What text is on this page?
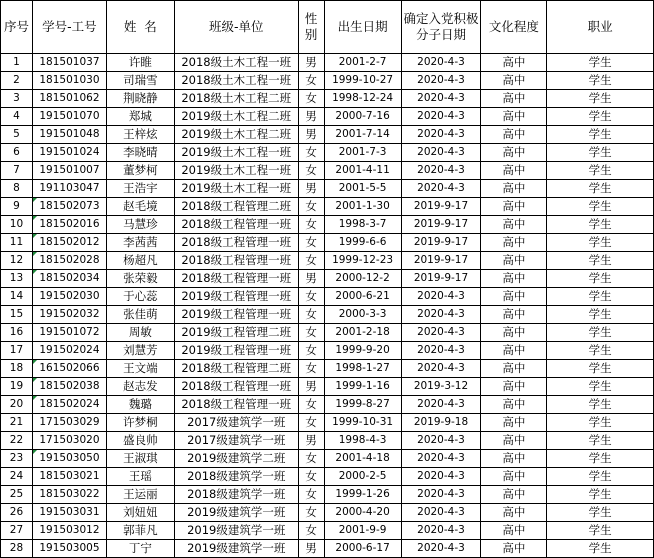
序号	学号-工号	姓  名	班级-单位	性别	出生日期	确定入党积极分子日期	文化程度	职业
1	181501037	许睢	2018级土木工程一班	男	2001-2-7	2020-4-3	高中	学生
2	181501030	司瑞雪	2018级土木工程一班	女	1999-10-27	2020-4-3	高中	学生
3	181501062	荆晓静	2018级土木工程二班	女	1998-12-24	2020-4-3	高中	学生
4	191501070	郑城	2019级土木工程二班	男	2000-7-16	2020-4-3	高中	学生
5	191501048	王梓炫	2019级土木工程二班	男	2001-7-14	2020-4-3	高中	学生
6	191501024	李晓晴	2019级土木工程一班	女	2001-7-3	2020-4-3	高中	学生
7	191501007	董梦柯	2019级土木工程一班	女	2001-4-11	2020-4-3	高中	学生
8	191103047	王浩宇	2019级土木工程一班	男	2001-5-5	2020-4-3	高中	学生
9	181502073	赵毛境	2018级工程管理二班	女	2001-1-30	2019-9-17	高中	学生
10	181502016	马慧珍	2018级工程管理一班	女	1998-3-7	2019-9-17	高中	学生
11	181502012	李茜茜	2018级工程管理一班	女	1999-6-6	2019-9-17	高中	学生
12	181502028	杨超凡	2018级工程管理一班	女	1999-12-23	2019-9-17	高中	学生
13	181502034	张荣毅	2018级工程管理一班	男	2000-12-2	2019-9-17	高中	学生
14	191502030	于心蕊	2019级工程管理一班	女	2000-6-21	2020-4-3	高中	学生
15	191502032	张佳萌	2019级工程管理一班	女	2000-3-3	2020-4-3	高中	学生
16	191501072	周敏	2019级工程管理二班	女	2001-2-18	2020-4-3	高中	学生
17	191502024	刘慧芳	2019级工程管理一班	女	1999-9-20	2020-4-3	高中	学生
18	161502066	王文端	2018级工程管理二班	女	1998-1-27	2020-4-3	高中	学生
19	181502038	赵志发	2018级工程管理一班	男	1999-1-16	2019-3-12	高中	学生
20	181502024	魏璐	2018级工程管理一班	女	1999-8-27	2020-4-3	高中	学生
21	171503029	许梦桐	2017级建筑学一班	女	1999-10-31	2019-9-18	高中	学生
22	171503020	盛良帅	2017级建筑学一班	男	1998-4-3	2020-4-3	高中	学生
23	191503050	王淑琪	2019级建筑学二班	女	2001-4-18	2020-4-3	高中	学生
24	181503021	王瑶	2018级建筑学一班	女	2000-2-5	2020-4-3	高中	学生
25	181503022	王运丽	2018级建筑学一班	女	1999-1-26	2020-4-3	高中	学生
26	191503031	刘妞妞	2019级建筑学一班	女	2000-4-20	2020-4-3	高中	学生
27	191503012	郭菲凡	2019级建筑学一班	女	2001-9-9	2020-4-3	高中	学生
28	191503005	丁宁	2019级建筑学一班	男	2000-6-17	2020-4-3	高中	学生
